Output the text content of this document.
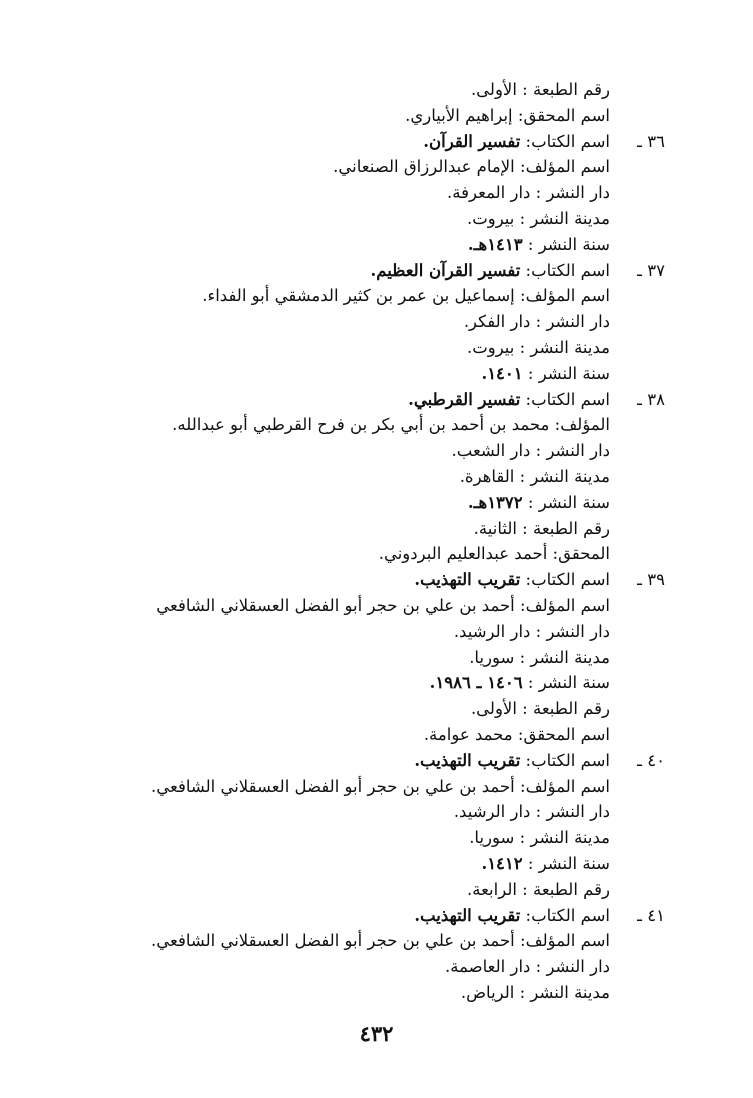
رقم الطبعة : الأولى.
اسم المحقق: إبراهيم الأبياري.
٣٦ ـ
اسم الكتاب: تفسير القرآن.
اسم المؤلف: الإمام عبدالرزاق الصنعاني.
دار النشر : دار المعرفة.
مدينة النشر : بيروت.
سنة النشر : ١٤١٣هـ.
٣٧ ـ
اسم الكتاب: تفسير القرآن العظيم.
اسم المؤلف: إسماعيل بن عمر بن كثير الدمشقي أبو الفداء.
دار النشر : دار الفكر.
مدينة النشر : بيروت.
سنة النشر : ١٤٠١.
٣٨ ـ
اسم الكتاب: تفسير القرطبي.
المؤلف: محمد بن أحمد بن أبي بكر بن فرح القرطبي أبو عبدالله.
دار النشر : دار الشعب.
مدينة النشر : القاهرة.
سنة النشر : ١٣٧٢هـ.
رقم الطبعة : الثانية.
المحقق: أحمد عبدالعليم البردوني.
٣٩ ـ
اسم الكتاب: تقريب التهذيب.
اسم المؤلف: أحمد بن علي بن حجر أبو الفضل العسقلاني الشافعي
دار النشر : دار الرشيد.
مدينة النشر : سوريا.
سنة النشر : ١٤٠٦ ـ ١٩٨٦.
رقم الطبعة : الأولى.
اسم المحقق: محمد عوامة.
٤٠ ـ
اسم الكتاب: تقريب التهذيب.
اسم المؤلف: أحمد بن علي بن حجر أبو الفضل العسقلاني الشافعي.
دار النشر : دار الرشيد.
مدينة النشر : سوريا.
سنة النشر : ١٤١٢.
رقم الطبعة : الرابعة.
٤١ ـ
اسم الكتاب: تقريب التهذيب.
اسم المؤلف: أحمد بن علي بن حجر أبو الفضل العسقلاني الشافعي.
دار النشر : دار العاصمة.
مدينة النشر : الرياض.
٤٣٢
